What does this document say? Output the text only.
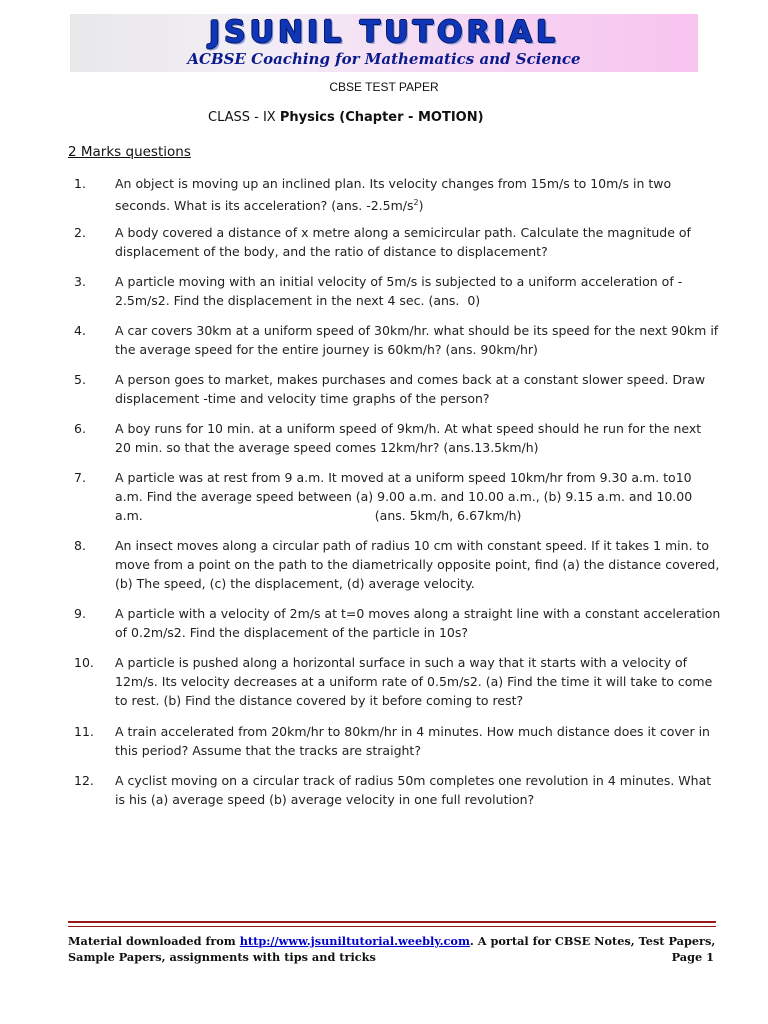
JSUNIL TUTORIAL
ACBSE Coaching for Mathematics and Science
CBSE TEST PAPER
CLASS - IX Physics (Chapter - MOTION)
2 Marks questions
1.	An object is moving up an inclined plan. Its velocity changes from 15m/s to 10m/s in two seconds. What is its acceleration? (ans. $-2.5m/s^2$)
2.	A body covered a distance of x metre along a semicircular path. Calculate the magnitude of displacement of the body, and the ratio of distance to displacement?
3.	A particle moving with an initial velocity of 5m/s is subjected to a uniform acceleration of - 2.5m/s2. Find the displacement in the next 4 sec. (ans.  0)
4.	A car covers 30km at a uniform speed of 30km/hr. what should be its speed for the next 90km if the average speed for the entire journey is 60km/h? (ans. 90km/hr)
5.	A person goes to market, makes purchases and comes back at a constant slower speed. Draw displacement -time and velocity time graphs of the person?
6.	A boy runs for 10 min. at a uniform speed of 9km/h. At what speed should he run for the next 20 min. so that the average speed comes 12km/hr? (ans.13.5km/h)
7.	A particle was at rest from 9 a.m. It moved at a uniform speed 10km/hr from 9.30 a.m. to10 a.m. Find the average speed between (a) 9.00 a.m. and 10.00 a.m., (b) 9.15 a.m. and 10.00 a.m.	(ans. 5km/h, 6.67km/h)
8.	An insect moves along a circular path of radius 10 cm with constant speed. If it takes 1 min. to move from a point on the path to the diametrically opposite point, find (a) the distance covered, (b) The speed, (c) the displacement, (d) average velocity.
9.	A particle with a velocity of 2m/s at t=0 moves along a straight line with a constant acceleration of 0.2m/s2. Find the displacement of the particle in 10s?
10.	A particle is pushed along a horizontal surface in such a way that it starts with a velocity of 12m/s. Its velocity decreases at a uniform rate of 0.5m/s2. (a) Find the time it will take to come to rest. (b) Find the distance covered by it before coming to rest?
11.	A train accelerated from 20km/hr to 80km/hr in 4 minutes. How much distance does it cover in this period? Assume that the tracks are straight?
12.	A cyclist moving on a circular track of radius 50m completes one revolution in 4 minutes. What is his (a) average speed (b) average velocity in one full revolution?
Material downloaded from http://www.jsuniltutorial.weebly.com. A portal for CBSE Notes, Test Papers,
Sample Papers, assignments with tips and tricks	Page 1
